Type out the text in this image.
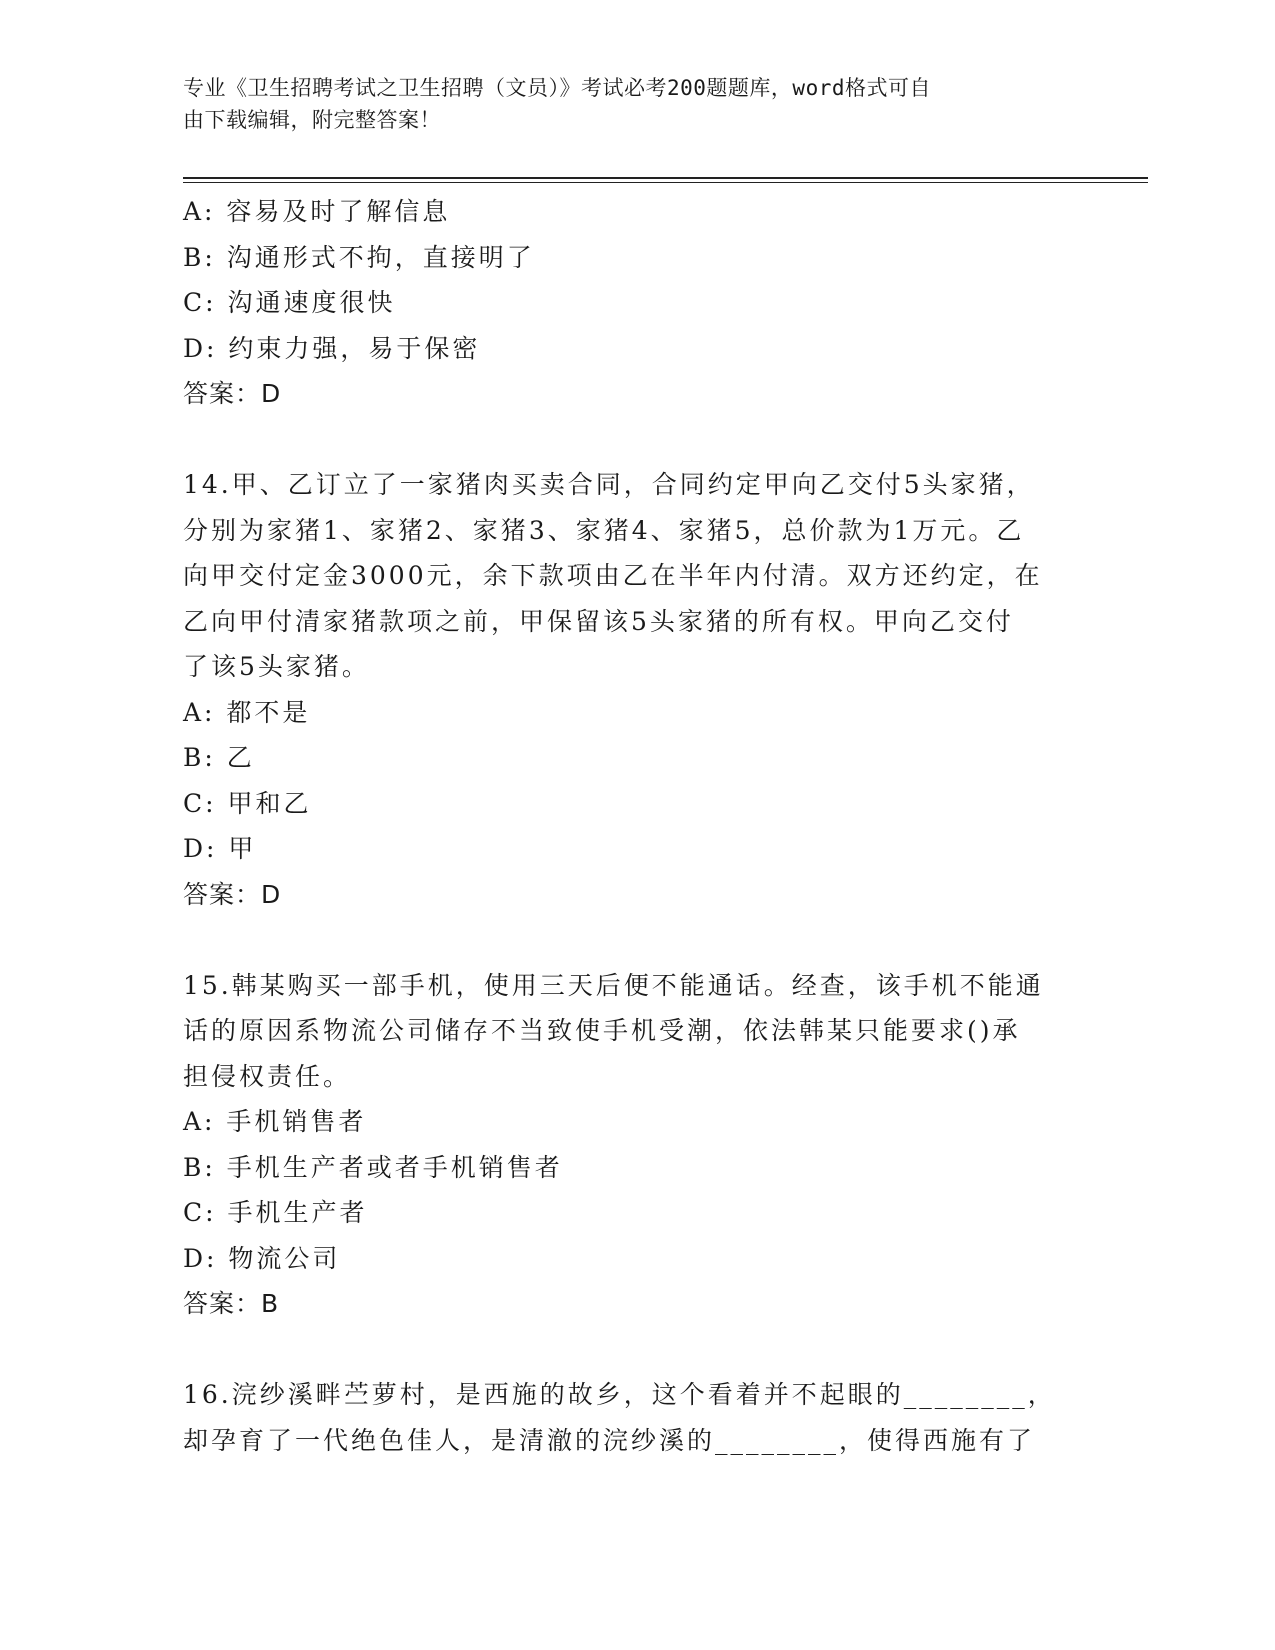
专业《卫生招聘考试之卫生招聘（文员）》考试必考200题题库，word格式可自
由下载编辑，附完整答案！
A: 容易及时了解信息
B: 沟通形式不拘，直接明了
C: 沟通速度很快
D: 约束力强，易于保密
答案：D
14.甲、乙订立了一家猪肉买卖合同，合同约定甲向乙交付5头家猪，
分别为家猪1、家猪2、家猪3、家猪4、家猪5，总价款为1万元。乙
向甲交付定金3000元，余下款项由乙在半年内付清。双方还约定，在
乙向甲付清家猪款项之前，甲保留该5头家猪的所有权。甲向乙交付
了该5头家猪。
A: 都不是
B: 乙
C: 甲和乙
D: 甲
答案：D
15.韩某购买一部手机，使用三天后便不能通话。经查，该手机不能通
话的原因系物流公司储存不当致使手机受潮，依法韩某只能要求()承
担侵权责任。
A: 手机销售者
B: 手机生产者或者手机销售者
C: 手机生产者
D: 物流公司
答案：B
16.浣纱溪畔苎萝村，是西施的故乡，这个看着并不起眼的________，
却孕育了一代绝色佳人，是清澈的浣纱溪的________，使得西施有了
